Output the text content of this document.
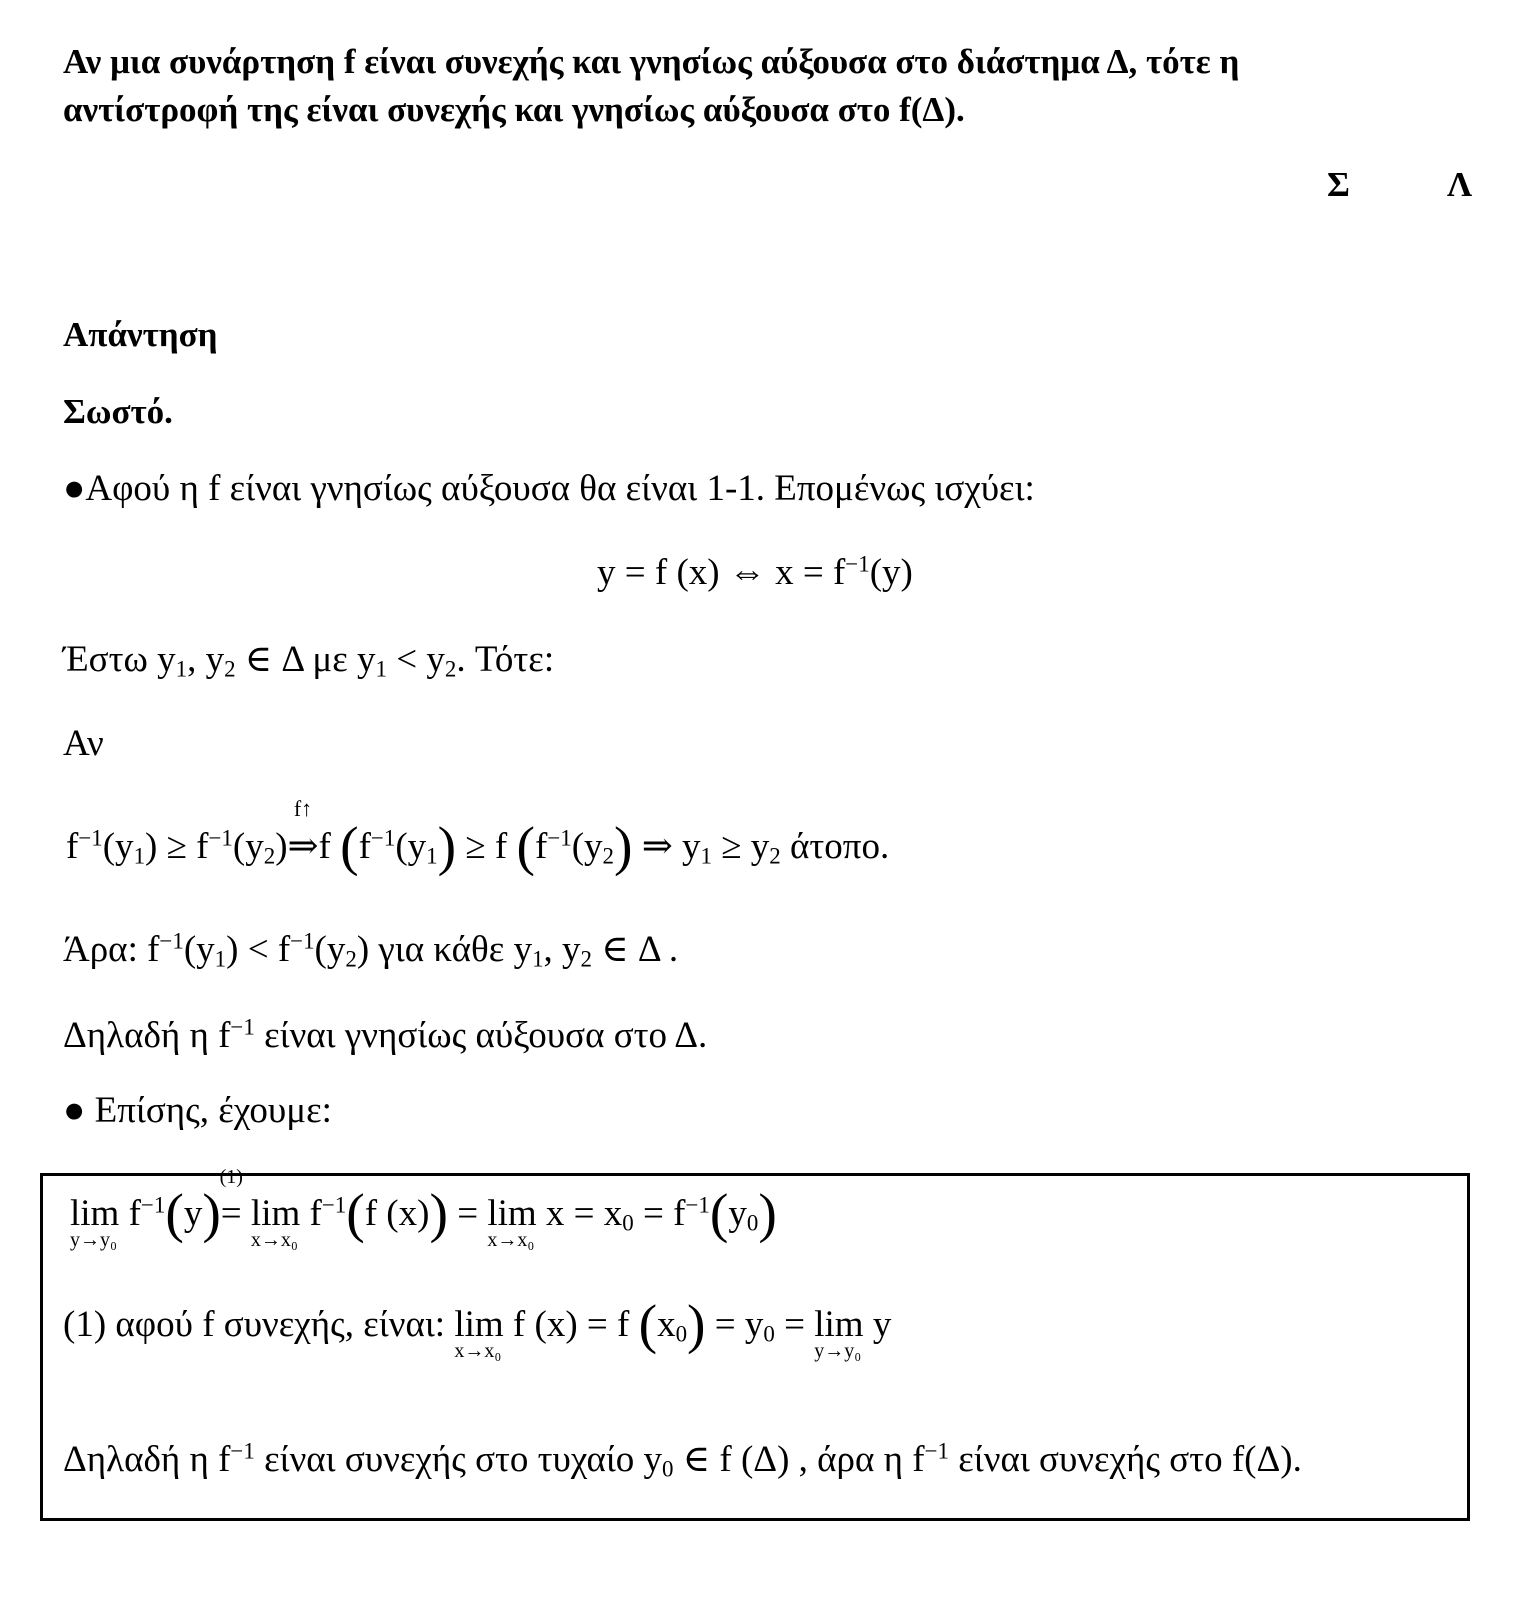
Αν μια συνάρτηση f είναι συνεχής και γνησίως αύξουσα στο διάστημα Δ, τότε η
αντίστροφή της είναι συνεχής και γνησίως αύξουσα στο f(Δ).
Σ	Λ
Απάντηση
Σωστό.
●Αφού η f είναι γνησίως αύξουσα θα είναι 1-1. Επομένως ισχύει:
y = f (x) ⇔ $x = f^{-1}(y)$
Έστω $y_1$, $y_2$ ∈ Δ με $y_1 < y_2$. Τότε:
Αν
$f^{-1}(y_1) \ge f^{-1}(y_2)$
f↑
⇒f ($f^{-1}(y_1) \ge f$ ($f^{-1}(y_2)$ ⇒ $y_1 \ge y_2$ άτοπο.
Άρα: $f^{-1}(y_1) < f^{-1}(y_2)$ για κάθε $y_1$, $y_2$ ∈ Δ .
Δηλαδή η $f^{-1}$ είναι γνησίως αύξουσα στο Δ.
● Επίσης, έχουμε:
lim
y→y₀
$f^{-1}(y)$
(1)
= lim
x→x₀
$f^{-1}(f$ (x)) = lim
x→x₀
$x = x_0 = f^{-1}(y_0)$
(1) αφού f συνεχής, είναι: lim
x→x₀
f (x) = f $(x_0) = y_0 = \lim$
y→y₀
y
Δηλαδή η $f^{-1}$ είναι συνεχής στο τυχαίο $y_0$ ∈ f (Δ) , άρα η $f^{-1}$ είναι συνεχής στο f(Δ).
